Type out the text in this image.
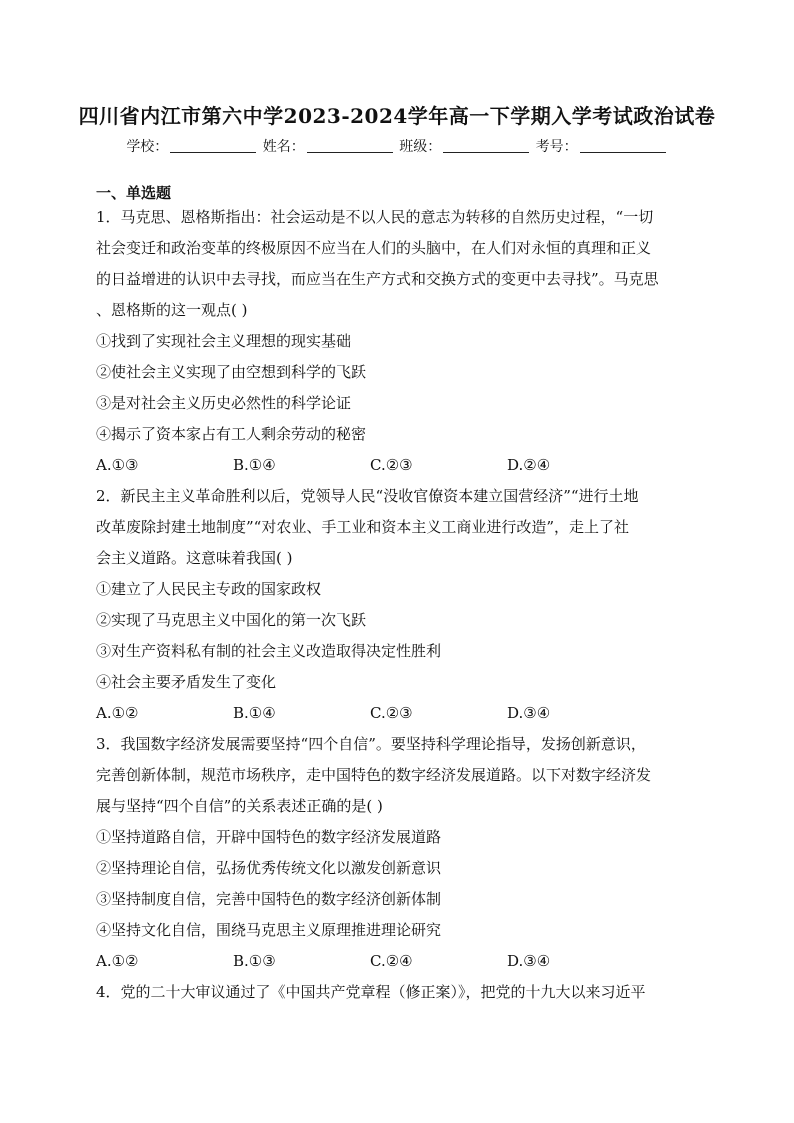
四川省内江市第六中学2023-2024学年高一下学期入学考试政治试卷
学校：	姓名：	班级：	考号：
一、单选题

1．马克思、恩格斯指出：社会运动是不以人民的意志为转移的自然历史过程，“一切

社会变迁和政治变革的终极原因不应当在人们的头脑中，在人们对永恒的真理和正义

的日益增进的认识中去寻找，而应当在生产方式和交换方式的变更中去寻找”。马克思

、恩格斯的这一观点( )

①找到了实现社会主义理想的现实基础

②使社会主义实现了由空想到科学的飞跃

③是对社会主义历史必然性的科学论证

④揭示了资本家占有工人剩余劳动的秘密

A.①③	B.①④	C.②③	D.②④

2．新民主主义革命胜利以后，党领导人民“没收官僚资本建立国营经济”“进行土地

改革废除封建土地制度”“对农业、手工业和资本主义工商业进行改造”，走上了社

会主义道路。这意味着我国( )

①建立了人民民主专政的国家政权

②实现了马克思主义中国化的第一次飞跃

③对生产资料私有制的社会主义改造取得决定性胜利

④社会主要矛盾发生了变化

A.①②	B.①④	C.②③	D.③④

3．我国数字经济发展需要坚持“四个自信”。要坚持科学理论指导，发扬创新意识，

完善创新体制，规范市场秩序，走中国特色的数字经济发展道路。以下对数字经济发

展与坚持“四个自信”的关系表述正确的是( )

①坚持道路自信，开辟中国特色的数字经济发展道路

②坚持理论自信，弘扬优秀传统文化以激发创新意识

③坚持制度自信，完善中国特色的数字经济创新体制

④坚持文化自信，围绕马克思主义原理推进理论研究

A.①②	B.①③	C.②④	D.③④

4．党的二十大审议通过了《中国共产党章程（修正案）》，把党的十九大以来习近平
